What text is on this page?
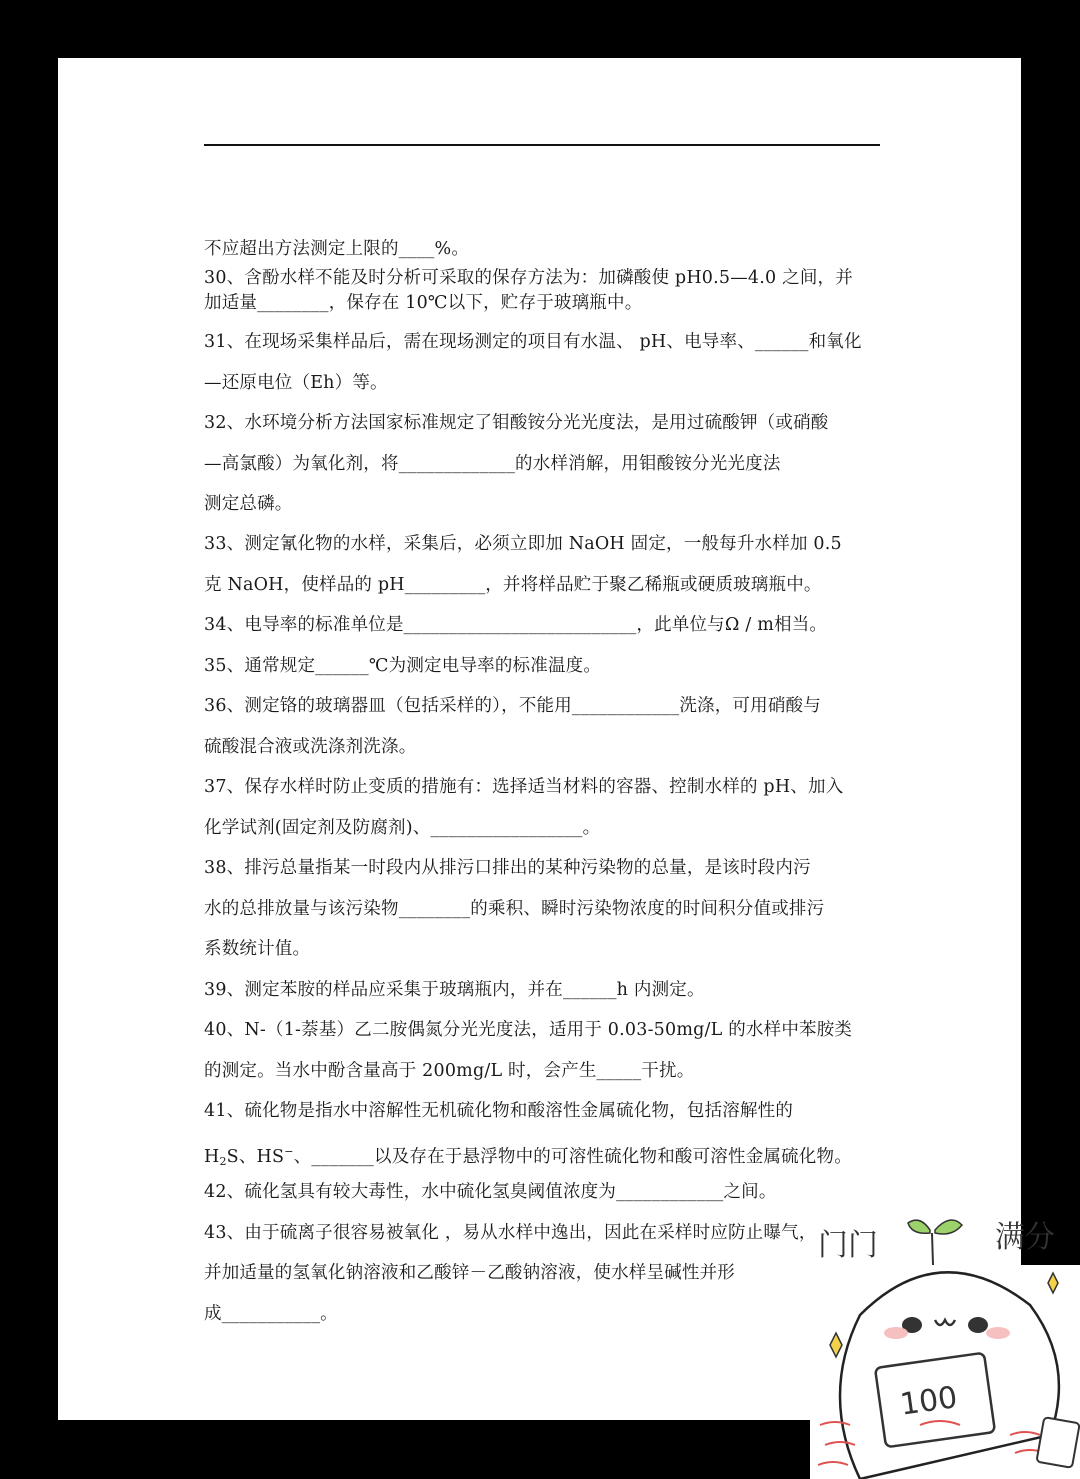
不应超出方法测定上限的____%。
30、含酚水样不能及时分析可采取的保存方法为：加磷酸使 pH0.5—4.0 之间，并
加适量________，保存在 10℃以下，贮存于玻璃瓶中。
31、在现场采集样品后，需在现场测定的项目有水温、 pH、电导率、______和氧化
—还原电位（Eh）等。
32、水环境分析方法国家标准规定了钼酸铵分光光度法，是用过硫酸钾（或硝酸
—高氯酸）为氧化剂，将_____________的水样消解，用钼酸铵分光光度法
测定总磷。
33、测定氰化物的水样，采集后，必须立即加 NaOH 固定，一般每升水样加 0.5
克 NaOH，使样品的 pH_________，并将样品贮于聚乙稀瓶或硬质玻璃瓶中。
34、电导率的标准单位是__________________________，此单位与Ω / m相当。
35、通常规定______℃为测定电导率的标准温度。
36、测定铬的玻璃器皿（包括采样的），不能用____________洗涤，可用硝酸与
硫酸混合液或洗涤剂洗涤。
37、保存水样时防止变质的措施有：选择适当材料的容器、控制水样的 pH、加入
化学试剂(固定剂及防腐剂)、_________________。
38、排污总量指某一时段内从排污口排出的某种污染物的总量，是该时段内污
水的总排放量与该污染物________的乘积、瞬时污染物浓度的时间积分值或排污
系数统计值。
39、测定苯胺的样品应采集于玻璃瓶内，并在______h 内测定。
40、N-（1-萘基）乙二胺偶氮分光光度法，适用于 0.03-50mg/L 的水样中苯胺类
的测定。当水中酚含量高于 200mg/L 时，会产生_____干扰。
41、硫化物是指水中溶解性无机硫化物和酸溶性金属硫化物，包括溶解性的
$H_2S$、HS−、_______以及存在于悬浮物中的可溶性硫化物和酸可溶性金属硫化物。
42、硫化氢具有较大毒性，水中硫化氢臭阈值浓度为____________之间。
43、由于硫离子很容易被氧化 ，易从水样中逸出，因此在采样时应防止曝气，
并加适量的氢氧化钠溶液和乙酸锌－乙酸钠溶液，使水样呈碱性并形
成___________。
门门	满分
100
